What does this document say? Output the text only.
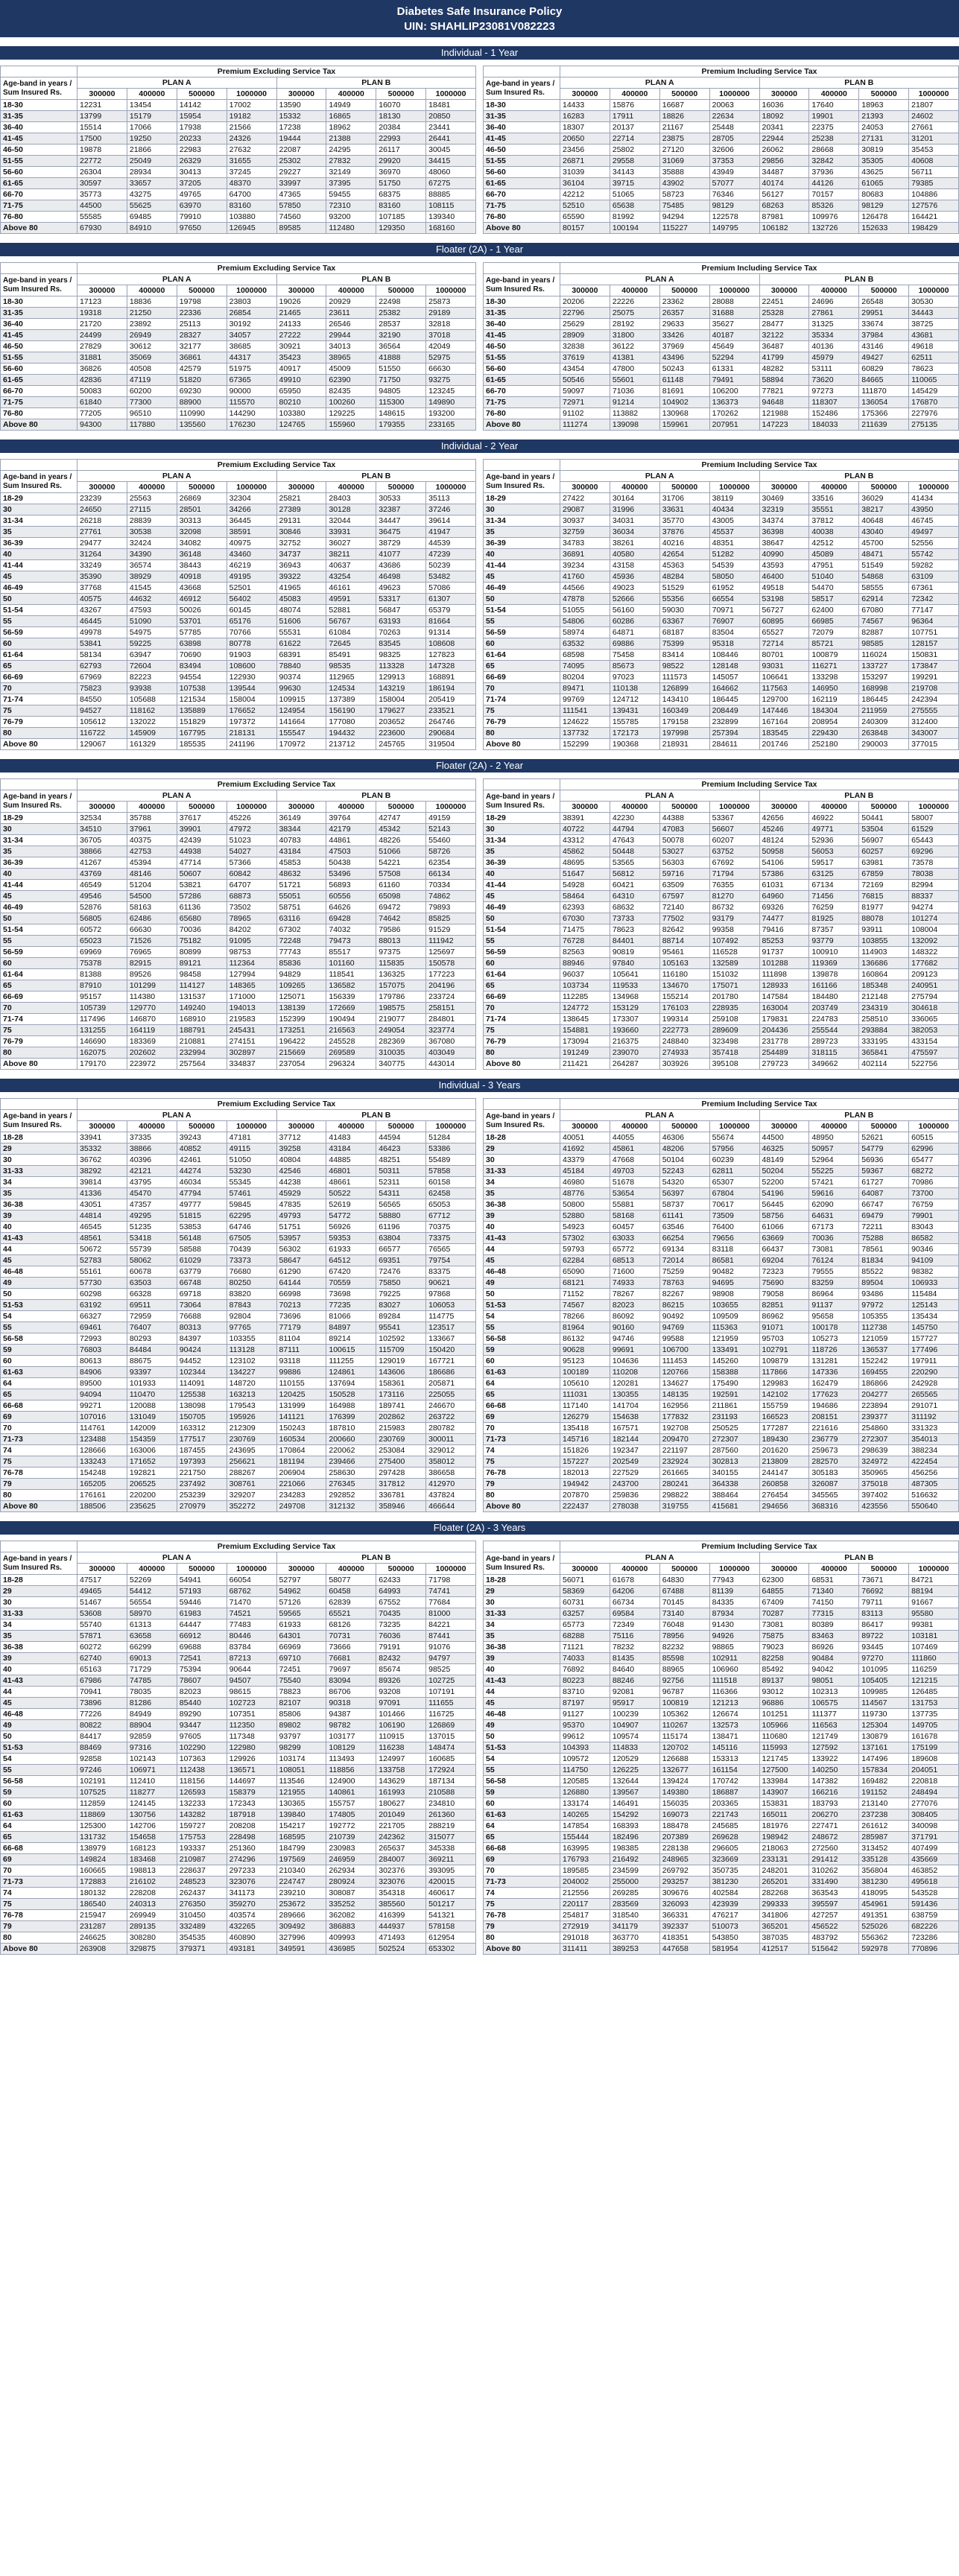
Diabetes Safe Insurance Policy
UIN: SHAHLIP23081V082223
Individual - 1 Year
	Premium Excluding Service Tax							
Age-band in years / Sum Insured Rs.	PLAN A				PLAN B			
	300000	400000	500000	1000000	300000	400000	500000	1000000
18-30	12231	13454	14142	17002	13590	14949	16070	18481
31-35	13799	15179	15954	19182	15332	16865	18130	20850
36-40	15514	17066	17938	21566	17238	18962	20384	23441
41-45	17500	19250	20233	24326	19444	21388	22993	26441
46-50	19878	21866	22983	27632	22087	24295	26117	30045
51-55	22772	25049	26329	31655	25302	27832	29920	34415
56-60	26304	28934	30413	37245	29227	32149	36970	48060
61-65	30597	33657	37205	48370	33997	37395	51750	67275
66-70	35773	43275	49765	64700	47365	59455	68375	88885
71-75	44500	55625	63970	83160	57850	72310	83160	108115
76-80	55585	69485	79910	103880	74560	93200	107185	139340
Above 80	67930	84910	97650	126945	89585	112480	129350	168160
	Premium Including Service Tax							
Age-band in years / Sum Insured Rs.	PLAN A				PLAN B			
	300000	400000	500000	1000000	300000	400000	500000	1000000
18-30	14433	15876	16687	20063	16036	17640	18963	21807
31-35	16283	17911	18826	22634	18092	19901	21393	24602
36-40	18307	20137	21167	25448	20341	22375	24053	27661
41-45	20650	22714	23875	28705	22944	25238	27131	31201
46-50	23456	25802	27120	32606	26062	28668	30819	35453
51-55	26871	29558	31069	37353	29856	32842	35305	40608
56-60	31039	34143	35888	43949	34487	37936	43625	56711
61-65	36104	39715	43902	57077	40174	44126	61065	79385
66-70	42212	51065	58723	76346	56127	70157	80683	104886
71-75	52510	65638	75485	98129	68263	85326	98129	127576
76-80	65590	81992	94294	122578	87981	109976	126478	164421
Above 80	80157	100194	115227	149795	106182	132726	152633	198429
Floater (2A) - 1 Year
	Premium Excluding Service Tax							
Age-band in years / Sum Insured Rs.	PLAN A				PLAN B			
	300000	400000	500000	1000000	300000	400000	500000	1000000
18-30	17123	18836	19798	23803	19026	20929	22498	25873
31-35	19318	21250	22336	26854	21465	23611	25382	29189
36-40	21720	23892	25113	30192	24133	26546	28537	32818
41-45	24499	26949	28327	34057	27222	29944	32190	37018
46-50	27829	30612	32177	38685	30921	34013	36564	42049
51-55	31881	35069	36861	44317	35423	38965	41888	52975
56-60	36826	40508	42579	51975	40917	45009	51550	66630
61-65	42836	47119	51820	67365	49910	62390	71750	93275
66-70	50083	60200	69230	90000	65950	82435	94805	123245
71-75	61840	77300	88900	115570	80210	100260	115300	149890
76-80	77205	96510	110990	144290	103380	129225	148615	193200
Above 80	94300	117880	135560	176230	124765	155960	179355	233165
	Premium Including Service Tax							
Age-band in years / Sum Insured Rs.	PLAN A				PLAN B			
	300000	400000	500000	1000000	300000	400000	500000	1000000
18-30	20206	22226	23362	28088	22451	24696	26548	30530
31-35	22796	25075	26357	31688	25328	27861	29951	34443
36-40	25629	28192	29633	35627	28477	31325	33674	38725
41-45	28909	31800	33426	40187	32122	35334	37984	43681
46-50	32838	36122	37969	45649	36487	40136	43146	49618
51-55	37619	41381	43496	52294	41799	45979	49427	62511
56-60	43454	47800	50243	61331	48282	53111	60829	78623
61-65	50546	55601	61148	79491	58894	73620	84665	110065
66-70	59097	71036	81691	106200	77821	97273	111870	145429
71-75	72971	91214	104902	136373	94648	118307	136054	176870
76-80	91102	113882	130968	170262	121988	152486	175366	227976
Above 80	111274	139098	159961	207951	147223	184033	211639	275135
Individual - 2 Year
	Premium Excluding Service Tax							
Age-band in years / Sum Insured Rs.	PLAN A				PLAN B			
	300000	400000	500000	1000000	300000	400000	500000	1000000
18-29	23239	25563	26869	32304	25821	28403	30533	35113
30	24650	27115	28501	34266	27389	30128	32387	37246
31-34	26218	28839	30313	36445	29131	32044	34447	39614
35	27761	30538	32098	38591	30846	33931	36475	41947
36-39	29477	32424	34082	40975	32752	36027	38729	44539
40	31264	34390	36148	43460	34737	38211	41077	47239
41-44	33249	36574	38443	46219	36943	40637	43686	50239
45	35390	38929	40918	49195	39322	43254	46498	53482
46-49	37768	41545	43668	52501	41965	46161	49623	57086
50	40575	44632	46912	56402	45083	49591	53317	61307
51-54	43267	47593	50026	60145	48074	52881	56847	65379
55	46445	51090	53701	65176	51606	56767	63193	81664
56-59	49978	54975	57785	70766	55531	61084	70263	91314
60	53841	59225	63898	80778	61622	72645	83545	108608
61-64	58134	63947	70690	91903	68391	85491	98325	127823
65	62793	72604	83494	108600	78840	98535	113328	147328
66-69	67969	82223	94554	122930	90374	112965	129913	168891
70	75823	93938	107538	139544	99630	124534	143219	186194
71-74	84550	105688	121534	158004	109915	137389	158004	205419
75	94527	118162	135889	176652	124954	156190	179627	233521
76-79	105612	132022	151829	197372	141664	177080	203652	264746
80	116722	145909	167795	218131	155547	194432	223600	290684
Above 80	129067	161329	185535	241196	170972	213712	245765	319504
	Premium Including Service Tax							
Age-band in years / Sum Insured Rs.	PLAN A				PLAN B			
	300000	400000	500000	1000000	300000	400000	500000	1000000
18-29	27422	30164	31706	38119	30469	33516	36029	41434
30	29087	31996	33631	40434	32319	35551	38217	43950
31-34	30937	34031	35770	43005	34374	37812	40648	46745
35	32759	36034	37876	45537	36398	40038	43040	49497
36-39	34783	38261	40216	48351	38647	42512	45700	52556
40	36891	40580	42654	51282	40990	45089	48471	55742
41-44	39234	43158	45363	54539	43593	47951	51549	59282
45	41760	45936	48284	58050	46400	51040	54868	63109
46-49	44566	49023	51529	61952	49518	54470	58555	67361
50	47878	52666	55356	66554	53198	58517	62914	72342
51-54	51055	56160	59030	70971	56727	62400	67080	77147
55	54806	60286	63367	76907	60895	66985	74567	96364
56-59	58974	64871	68187	83504	65527	72079	82887	107751
60	63532	69886	75399	95318	72714	85721	98585	128157
61-64	68598	75458	83414	108446	80701	100879	116024	150831
65	74095	85673	98522	128148	93031	116271	133727	173847
66-69	80204	97023	111573	145057	106641	133298	153297	199291
70	89471	110138	126899	164662	117563	146950	168998	219708
71-74	99769	124712	143410	186445	129700	162119	186445	242394
75	111541	139431	160349	208449	147446	184304	211959	275555
76-79	124622	155785	179158	232899	167164	208954	240309	312400
80	137732	172173	197998	257394	183545	229430	263848	343007
Above 80	152299	190368	218931	284611	201746	252180	290003	377015
Floater (2A) - 2 Year
	Premium Excluding Service Tax							
Age-band in years / Sum Insured Rs.	PLAN A				PLAN B			
	300000	400000	500000	1000000	300000	400000	500000	1000000
18-29	32534	35788	37617	45226	36149	39764	42747	49159
30	34510	37961	39901	47972	38344	42179	45342	52143
31-34	36705	40375	42439	51023	40783	44861	48226	55460
35	38866	42753	44938	54027	43184	47503	51066	58726
36-39	41267	45394	47714	57366	45853	50438	54221	62354
40	43769	48146	50607	60842	48632	53496	57508	66134
41-44	46549	51204	53821	64707	51721	56893	61160	70334
45	49546	54500	57286	68873	55051	60556	65098	74862
46-49	52876	58163	61136	73502	58751	64626	69472	79893
50	56805	62486	65680	78965	63116	69428	74642	85825
51-54	60572	66630	70036	84202	67302	74032	79586	91529
55	65023	71526	75182	91095	72248	79473	88013	111942
56-59	69969	76965	80899	98753	77743	85517	97375	125697
60	75378	82915	89121	112364	85836	101160	115835	150578
61-64	81388	89526	98458	127994	94829	118541	136325	177223
65	87910	101299	114127	148365	109265	136582	157075	204196
66-69	95157	114380	131537	171000	125071	156339	179786	233724
70	105739	129770	149240	194013	138139	172669	198575	258151
71-74	117496	146870	168910	219583	152399	190494	219077	284801
75	131255	164119	188791	245431	173251	216563	249054	323774
76-79	146690	183369	210881	274151	196422	245528	282369	367080
80	162075	202602	232994	302897	215669	269589	310035	403049
Above 80	179170	223972	257564	334837	237054	296324	340775	443014
	Premium Including Service Tax							
Age-band in years / Sum Insured Rs.	PLAN A				PLAN B			
	300000	400000	500000	1000000	300000	400000	500000	1000000
18-29	38391	42230	44388	53367	42656	46922	50441	58007
30	40722	44794	47083	56607	45246	49771	53504	61529
31-34	43312	47643	50078	60207	48124	52936	56907	65443
35	45862	50448	53027	63752	50958	56053	60257	69296
36-39	48695	53565	56303	67692	54106	59517	63981	73578
40	51647	56812	59716	71794	57386	63125	67859	78038
41-44	54928	60421	63509	76355	61031	67134	72169	82994
45	58464	64310	67597	81270	64960	71456	76815	88337
46-49	62393	68632	72140	86732	69326	76259	81977	94274
50	67030	73733	77502	93179	74477	81925	88078	101274
51-54	71475	78623	82642	99358	79416	87357	93911	108004
55	76728	84401	88714	107492	85253	93779	103855	132092
56-59	82563	90819	95461	116528	91737	100910	114903	148322
60	88946	97840	105163	132589	101288	119369	136686	177682
61-64	96037	105641	116180	151032	111898	139878	160864	209123
65	103734	119533	134670	175071	128933	161166	185348	240951
66-69	112285	134968	155214	201780	147584	184480	212148	275794
70	124772	153129	176103	228935	163004	203749	234319	304618
71-74	138645	173307	199314	259108	179831	224783	258510	336065
75	154881	193660	222773	289609	204436	255544	293884	382053
76-79	173094	216375	248840	323498	231778	289723	333195	433154
80	191249	239070	274933	357418	254489	318115	365841	475597
Above 80	211421	264287	303926	395108	279723	349662	402114	522756
Individual - 3 Years
	Premium Excluding Service Tax							
Age-band in years / Sum Insured Rs.	PLAN A				PLAN B			
	300000	400000	500000	1000000	300000	400000	500000	1000000
18-28	33941	37335	39243	47181	37712	41483	44594	51284
29	35332	38866	40852	49115	39258	43184	46423	53386
30	36762	40396	42461	51050	40804	44885	48251	55489
31-33	38292	42121	44274	53230	42546	46801	50311	57858
34	39814	43795	46034	55345	44238	48661	52311	60158
35	41336	45470	47794	57461	45929	50522	54311	62458
36-38	43051	47357	49777	59845	47835	52619	56565	65053
39	44814	49295	51815	62295	49793	54772	58880	67712
40	46545	51235	53853	64746	51751	56926	61196	70375
41-43	48561	53418	56148	67505	53957	59353	63804	73375
44	50672	55739	58588	70439	56302	61933	66577	76565
45	52783	58062	61029	73373	58647	64512	69351	79754
46-48	55161	60678	63779	76680	61290	67420	72476	83375
49	57730	63503	66748	80250	64144	70559	75850	90621
50	60298	66328	69718	83820	66998	73698	79225	97868
51-53	63192	69511	73064	87843	70213	77235	83027	106053
54	66327	72959	76688	92804	73696	81066	89284	114775
55	69461	76407	80313	97765	77179	84897	95541	123517
56-58	72993	80293	84397	103355	81104	89214	102592	133667
59	76803	84484	90424	113128	87111	100615	115709	150420
60	80613	88675	94452	123102	93118	111255	129019	167721
61-63	84906	93397	102344	134227	99886	124861	143606	186686
64	89500	101933	114091	148720	110155	137694	158361	205871
65	94094	110470	125538	163213	120425	150528	173116	225055
66-68	99271	120088	138098	179543	131999	164988	189741	246670
69	107016	131049	150705	195926	141121	176399	202862	263722
70	114761	142009	163312	212309	150243	187810	215983	280782
71-73	123488	154359	177517	230769	160534	200660	230769	300011
74	128666	163006	187455	243695	170864	220062	253084	329012
75	133243	171652	197393	256621	181194	239466	275400	358012
76-78	154248	192821	221750	288267	206904	258630	297428	386658
79	165205	206525	237492	308761	221066	276345	317812	412970
80	176161	220200	253239	329207	234283	292852	336781	437824
Above 80	188506	235625	270979	352272	249708	312132	358946	466644
	Premium Including Service Tax							
Age-band in years / Sum Insured Rs.	PLAN A				PLAN B			
	300000	400000	500000	1000000	300000	400000	500000	1000000
18-28	40051	44055	46306	55674	44500	48950	52621	60515
29	41692	45861	48206	57956	46325	50957	54779	62996
30	43379	47668	50104	60239	48149	52964	56936	65477
31-33	45184	49703	52243	62811	50204	55225	59367	68272
34	46980	51678	54320	65307	52200	57421	61727	70986
35	48776	53654	56397	67804	54196	59616	64087	73700
36-38	50800	55881	58737	70617	56445	62090	66747	76759
39	52880	58168	61141	73509	58756	64631	69479	79901
40	54923	60457	63546	76400	61066	67173	72211	83043
41-43	57302	63033	66254	79656	63669	70036	75288	86582
44	59793	65772	69134	83118	66437	73081	78561	90346
45	62284	68513	72014	86581	69204	76124	81834	94109
46-48	65090	71600	75259	90482	72323	79555	85522	98382
49	68121	74933	78763	94695	75690	83259	89504	106933
50	71152	78267	82267	98908	79058	86964	93486	115484
51-53	74567	82023	86215	103655	82851	91137	97972	125143
54	78266	86092	90492	109509	86962	95658	105355	135434
55	81964	90160	94769	115363	91071	100178	112738	145750
56-58	86132	94746	99588	121959	95703	105273	121059	157727
59	90628	99691	106700	133491	102791	118726	136537	177496
60	95123	104636	111453	145260	109879	131281	152242	197911
61-63	100189	110208	120766	158388	117866	147336	169455	220290
64	105610	120281	134627	175490	129983	162479	186866	242928
65	111031	130355	148135	192591	142102	177623	204277	265565
66-68	117140	141704	162956	211861	155759	194686	223894	291071
69	126279	154638	177832	231193	166523	208151	239377	311192
70	135418	167571	192708	250525	177287	221616	254860	331323
71-73	145716	182144	209470	272307	189430	236779	272307	354013
74	151826	192347	221197	287560	201620	259673	298639	388234
75	157227	202549	232924	302813	213809	282570	324972	422454
76-78	182013	227529	261665	340155	244147	305183	350965	456256
79	194942	243700	280241	364338	260858	326087	375018	487305
80	207870	259836	298822	388464	276454	345565	397402	516632
Above 80	222437	278038	319755	415681	294656	368316	423556	550640
Floater (2A) - 3 Years
	Premium Excluding Service Tax							
Age-band in years / Sum Insured Rs.	PLAN A				PLAN B			
	300000	400000	500000	1000000	300000	400000	500000	1000000
18-28	47517	52269	54941	66054	52797	58077	62433	71798
29	49465	54412	57193	68762	54962	60458	64993	74741
30	51467	56554	59446	71470	57126	62839	67552	77684
31-33	53608	58970	61983	74521	59565	65521	70435	81000
34	55740	61313	64447	77483	61933	68126	73235	84221
35	57871	63658	66912	80446	64301	70731	76036	87441
36-38	60272	66299	69688	83784	66969	73666	79191	91076
39	62740	69013	72541	87213	69710	76681	82432	94797
40	65163	71729	75394	90644	72451	79697	85674	98525
41-43	67986	74785	78607	94507	75540	83094	89326	102725
44	70941	78035	82023	98615	78823	86706	93208	107191
45	73896	81286	85440	102723	82107	90318	97091	111655
46-48	77226	84949	89290	107351	85806	94387	101466	116725
49	80822	88904	93447	112350	89802	98782	106190	126869
50	84417	92859	97605	117348	93797	103177	110915	137015
51-53	88469	97316	102290	122980	98299	108129	116238	148474
54	92858	102143	107363	129926	103174	113493	124997	160685
55	97246	106971	112438	136571	108051	118856	133758	172924
56-58	102191	112410	118156	144697	113546	124900	143629	187134
59	107525	118277	126593	158379	121955	140861	161993	210588
60	112859	124145	132233	172343	130365	155757	180627	234810
61-63	118869	130756	143282	187918	139840	174805	201049	261360
64	125300	142706	159727	208208	154217	192772	221705	288219
65	131732	154658	175753	228498	168595	210739	242362	315077
66-68	138979	168123	193337	251360	184799	230983	265637	345338
69	149824	183468	210987	274296	197569	246959	284007	369211
70	160665	198813	228637	297233	210340	262934	302376	393095
71-73	172883	216102	248523	323076	224747	280924	323076	420015
74	180132	228208	262437	341173	239210	308087	354318	460617
75	186540	240313	276350	359270	253672	335252	385560	501217
76-78	215947	269949	310450	403574	289666	362082	416399	541321
79	231287	289135	332489	432265	309492	386883	444937	578158
80	246625	308280	354535	460890	327996	409993	471493	612954
Above 80	263908	329875	379371	493181	349591	436985	502524	653302
	Premium Including Service Tax							
Age-band in years / Sum Insured Rs.	PLAN A				PLAN B			
	300000	400000	500000	1000000	300000	400000	500000	1000000
18-28	56071	61678	64830	77943	62300	68531	73671	84721
29	58369	64206	67488	81139	64855	71340	76692	88194
30	60731	66734	70145	84335	67409	74150	79711	91667
31-33	63257	69584	73140	87934	70287	77315	83113	95580
34	65773	72349	76048	91430	73081	80389	86417	99381
35	68288	75116	78956	94926	75875	83463	89722	103181
36-38	71121	78232	82232	98865	79023	86926	93445	107469
39	74033	81435	85598	102911	82258	90484	97270	111860
40	76892	84640	88965	106960	85492	94042	101095	116259
41-43	80223	88246	92756	111518	89137	98051	105405	121215
44	83710	92081	96787	116366	93012	102313	109985	126485
45	87197	95917	100819	121213	96886	106575	114567	131753
46-48	91127	100239	105362	126674	101251	111377	119730	137735
49	95370	104907	110267	132573	105966	116563	125304	149705
50	99612	109574	115174	138471	110680	121749	130879	161678
51-53	104393	114833	120702	145116	115993	127592	137161	175199
54	109572	120529	126688	153313	121745	133922	147496	189608
55	114750	126225	132677	161154	127500	140250	157834	204051
56-58	120585	132644	139424	170742	133984	147382	169482	220818
59	126880	139567	149380	186887	143907	166216	191152	248494
60	133174	146491	156035	203365	153831	183793	213140	277076
61-63	140265	154292	169073	221743	165011	206270	237238	308405
64	147854	168393	188478	245685	181976	227471	261612	340098
65	155444	182496	207389	269628	198942	248672	285987	371791
66-68	163995	198385	228138	296605	218063	272560	313452	407499
69	176793	216492	248965	323669	233131	291412	335128	435669
70	189585	234599	269792	350735	248201	310262	356804	463852
71-73	204002	255000	293257	381230	265201	331490	381230	495618
74	212556	269285	309676	402584	282268	363543	418095	543528
75	220117	283569	326093	423939	299333	395597	454961	591436
76-78	254817	318540	366331	476217	341806	427257	491351	638759
79	272919	341179	392337	510073	365201	456522	525026	682226
80	291018	363770	418351	543850	387035	483792	556362	723286
Above 80	311411	389253	447658	581954	412517	515642	592978	770896
